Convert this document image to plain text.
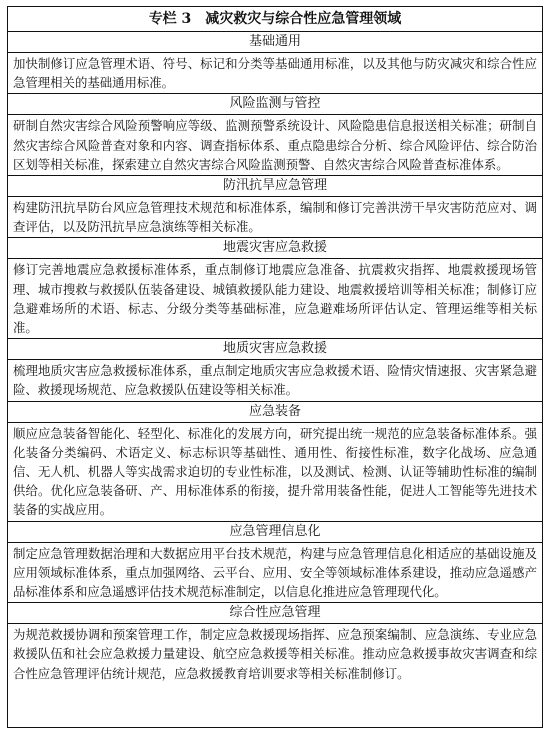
专栏 3　减灾救灾与综合性应急管理领域
基础通用
加快制修订应急管理术语、符号、标记和分类等基础通用标准，以及其他与防灾减灾和综合性应急管理相关的基础通用标准。
风险监测与管控
研制自然灾害综合风险预警响应等级、监测预警系统设计、风险隐患信息报送相关标准；研制自然灾害综合风险普查对象和内容、调查指标体系、重点隐患综合分析、综合风险评估、综合防治区划等相关标准，探索建立自然灾害综合风险监测预警、自然灾害综合风险普查标准体系。
防汛抗旱应急管理
构建防汛抗旱防台风应急管理技术规范和标准体系，编制和修订完善洪涝干旱灾害防范应对、调查评估，以及防汛抗旱应急演练等相关标准。
地震灾害应急救援
修订完善地震应急救援标准体系，重点制修订地震应急准备、抗震救灾指挥、地震救援现场管理、城市搜救与救援队伍装备建设、城镇救援队能力建设、地震救援培训等相关标准；制修订应急避难场所的术语、标志、分级分类等基础标准，应急避难场所评估认定、管理运维等相关标准。
地质灾害应急救援
梳理地质灾害应急救援标准体系，重点制定地质灾害应急救援术语、险情灾情速报、灾害紧急避险、救援现场规范、应急救援队伍建设等相关标准。
应急装备
顺应应急装备智能化、轻型化、标准化的发展方向，研究提出统一规范的应急装备标准体系。强化装备分类编码、术语定义、标志标识等基础性、通用性、衔接性标准，数字化战场、应急通信、无人机、机器人等实战需求迫切的专业性标准，以及测试、检测、认证等辅助性标准的编制供给。优化应急装备研、产、用标准体系的衔接，提升常用装备性能，促进人工智能等先进技术装备的实战应用。
应急管理信息化
制定应急管理数据治理和大数据应用平台技术规范，构建与应急管理信息化相适应的基础设施及应用领域标准体系，重点加强网络、云平台、应用、安全等领域标准体系建设，推动应急遥感产品标准体系和应急遥感评估技术规范标准制定，以信息化推进应急管理现代化。
综合性应急管理
为规范救援协调和预案管理工作，制定应急救援现场指挥、应急预案编制、应急演练、专业应急救援队伍和社会应急救援力量建设、航空应急救援等相关标准。推动应急救援事故灾害调查和综合性应急管理评估统计规范，应急救援教育培训要求等相关标准制修订。
